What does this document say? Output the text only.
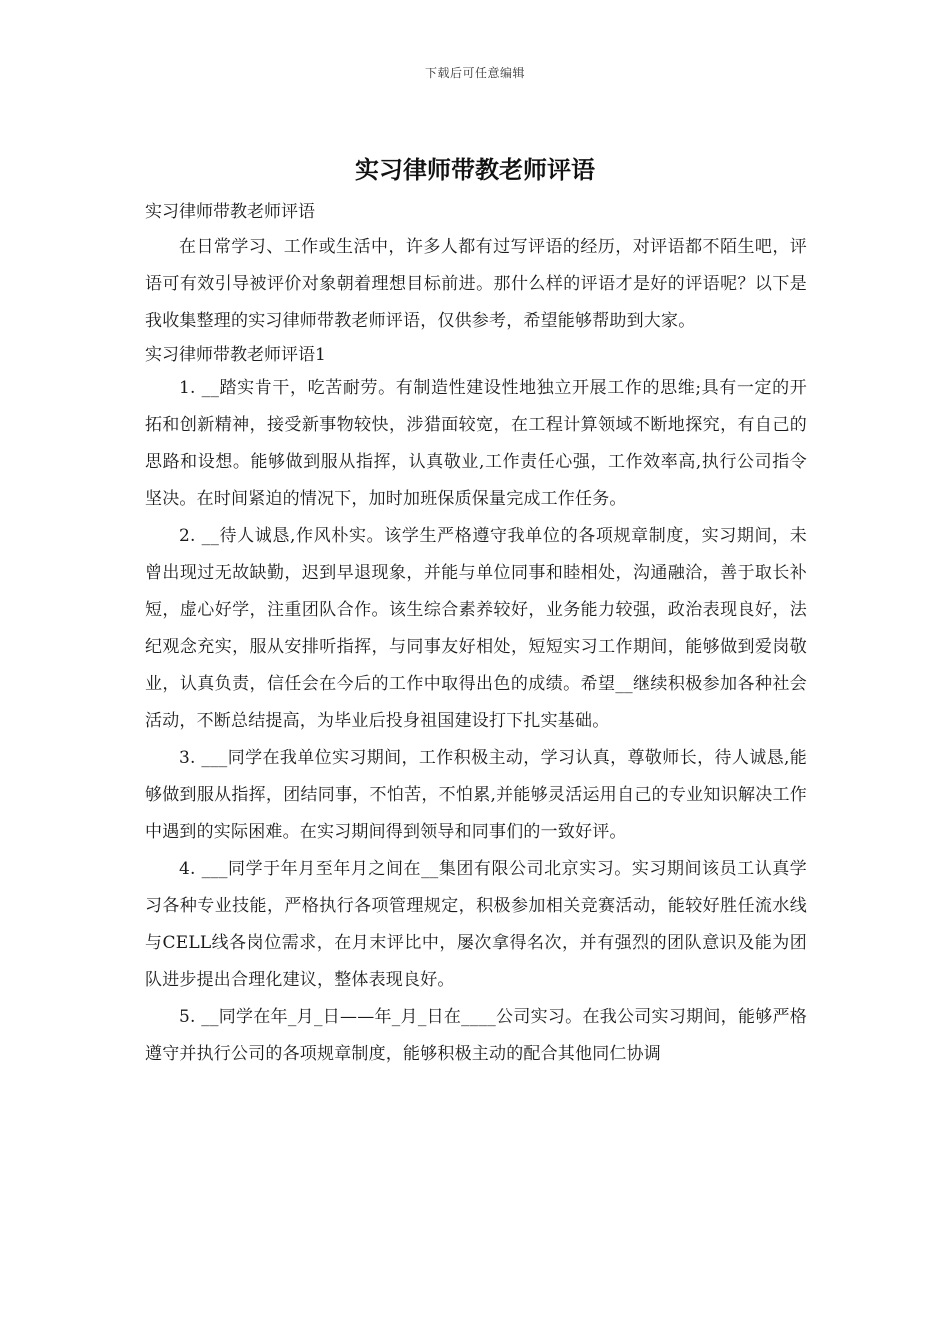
下载后可任意编辑
实习律师带教老师评语

实习律师带教老师评语

在日常学习、工作或生活中，许多人都有过写评语的经历，对评语都不陌生吧，评语可有效引导被评价对象朝着理想目标前进。那什么样的评语才是好的评语呢？以下是我收集整理的实习律师带教老师评语，仅供参考，希望能够帮助到大家。

实习律师带教老师评语1

1. __踏实肯干，吃苦耐劳。有制造性建设性地独立开展工作的思维;具有一定的开拓和创新精神，接受新事物较快，涉猎面较宽，在工程计算领域不断地探究，有自己的思路和设想。能够做到服从指挥，认真敬业,工作责任心强，工作效率高,执行公司指令坚决。在时间紧迫的情况下，加时加班保质保量完成工作任务。

2. __待人诚恳,作风朴实。该学生严格遵守我单位的各项规章制度，实习期间，未曾出现过无故缺勤，迟到早退现象，并能与单位同事和睦相处，沟通融洽，善于取长补短，虚心好学，注重团队合作。该生综合素养较好，业务能力较强，政治表现良好，法纪观念充实，服从安排听指挥，与同事友好相处，短短实习工作期间，能够做到爱岗敬业，认真负责，信任会在今后的工作中取得出色的成绩。希望__继续积极参加各种社会活动，不断总结提高，为毕业后投身祖国建设打下扎实基础。

3. ___同学在我单位实习期间，工作积极主动，学习认真，尊敬师长，待人诚恳,能够做到服从指挥，团结同事，不怕苦，不怕累,并能够灵活运用自己的专业知识解决工作中遇到的实际困难。在实习期间得到领导和同事们的一致好评。

4. ___同学于年月至年月之间在__集团有限公司北京实习。实习期间该员工认真学习各种专业技能，严格执行各项管理规定，积极参加相关竞赛活动，能较好胜任流水线与CELL线各岗位需求，在月末评比中，屡次拿得名次，并有强烈的团队意识及能为团队进步提出合理化建议，整体表现良好。

5. __同学在年_月_日——年_月_日在____公司实习。在我公司实习期间，能够严格遵守并执行公司的各项规章制度，能够积极主动的配合其他同仁协调
